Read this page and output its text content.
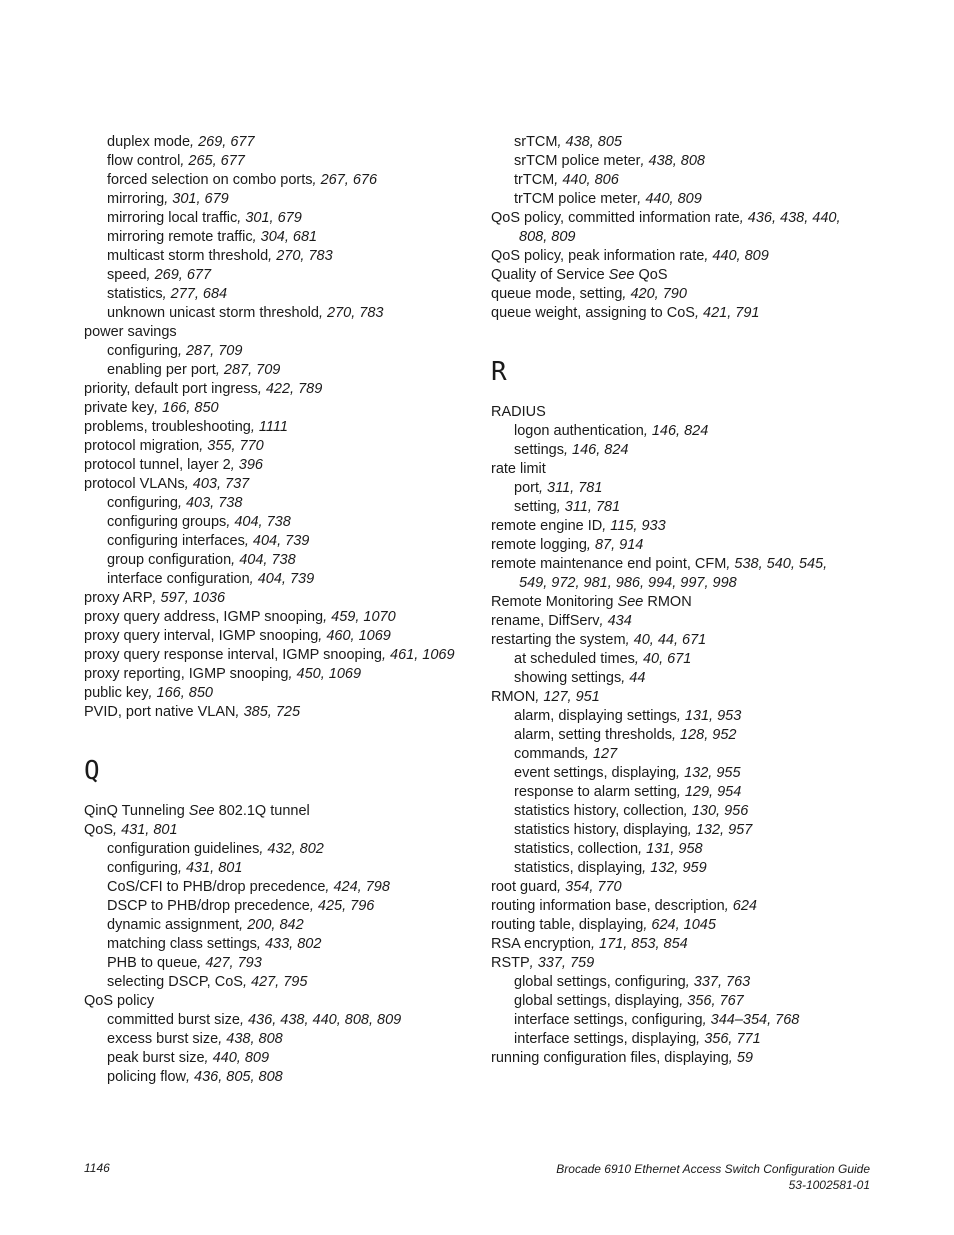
duplex mode, 269, 677
flow control, 265, 677
forced selection on combo ports, 267, 676
mirroring, 301, 679
mirroring local traffic, 301, 679
mirroring remote traffic, 304, 681
multicast storm threshold, 270, 783
speed, 269, 677
statistics, 277, 684
unknown unicast storm threshold, 270, 783
power savings
configuring, 287, 709
enabling per port, 287, 709
priority, default port ingress, 422, 789
private key, 166, 850
problems, troubleshooting, 1111
protocol migration, 355, 770
protocol tunnel, layer 2, 396
protocol VLANs, 403, 737
configuring, 403, 738
configuring groups, 404, 738
configuring interfaces, 404, 739
group configuration, 404, 738
interface configuration, 404, 739
proxy ARP, 597, 1036
proxy query address, IGMP snooping, 459, 1070
proxy query interval, IGMP snooping, 460, 1069
proxy query response interval, IGMP snooping, 461, 1069
proxy reporting, IGMP snooping, 450, 1069
public key, 166, 850
PVID, port native VLAN, 385, 725
Q
QinQ Tunneling See 802.1Q tunnel
QoS, 431, 801
configuration guidelines, 432, 802
configuring, 431, 801
CoS/CFI to PHB/drop precedence, 424, 798
DSCP to PHB/drop precedence, 425, 796
dynamic assignment, 200, 842
matching class settings, 433, 802
PHB to queue, 427, 793
selecting DSCP, CoS, 427, 795
QoS policy
committed burst size, 436, 438, 440, 808, 809
excess burst size, 438, 808
peak burst size, 440, 809
policing flow, 436, 805, 808
srTCM, 438, 805
srTCM police meter, 438, 808
trTCM, 440, 806
trTCM police meter, 440, 809
QoS policy, committed information rate, 436, 438, 440,
808, 809
QoS policy, peak information rate, 440, 809
Quality of Service See QoS
queue mode, setting, 420, 790
queue weight, assigning to CoS, 421, 791
R
RADIUS
logon authentication, 146, 824
settings, 146, 824
rate limit
port, 311, 781
setting, 311, 781
remote engine ID, 115, 933
remote logging, 87, 914
remote maintenance end point, CFM, 538, 540, 545,
549, 972, 981, 986, 994, 997, 998
Remote Monitoring See RMON
rename, DiffServ, 434
restarting the system, 40, 44, 671
at scheduled times, 40, 671
showing settings, 44
RMON, 127, 951
alarm, displaying settings, 131, 953
alarm, setting thresholds, 128, 952
commands, 127
event settings, displaying, 132, 955
response to alarm setting, 129, 954
statistics history, collection, 130, 956
statistics history, displaying, 132, 957
statistics, collection, 131, 958
statistics, displaying, 132, 959
root guard, 354, 770
routing information base, description, 624
routing table, displaying, 624, 1045
RSA encryption, 171, 853, 854
RSTP, 337, 759
global settings, configuring, 337, 763
global settings, displaying, 356, 767
interface settings, configuring, 344–354, 768
interface settings, displaying, 356, 771
running configuration files, displaying, 59
1146	Brocade 6910 Ethernet Access Switch Configuration Guide
53-1002581-01
